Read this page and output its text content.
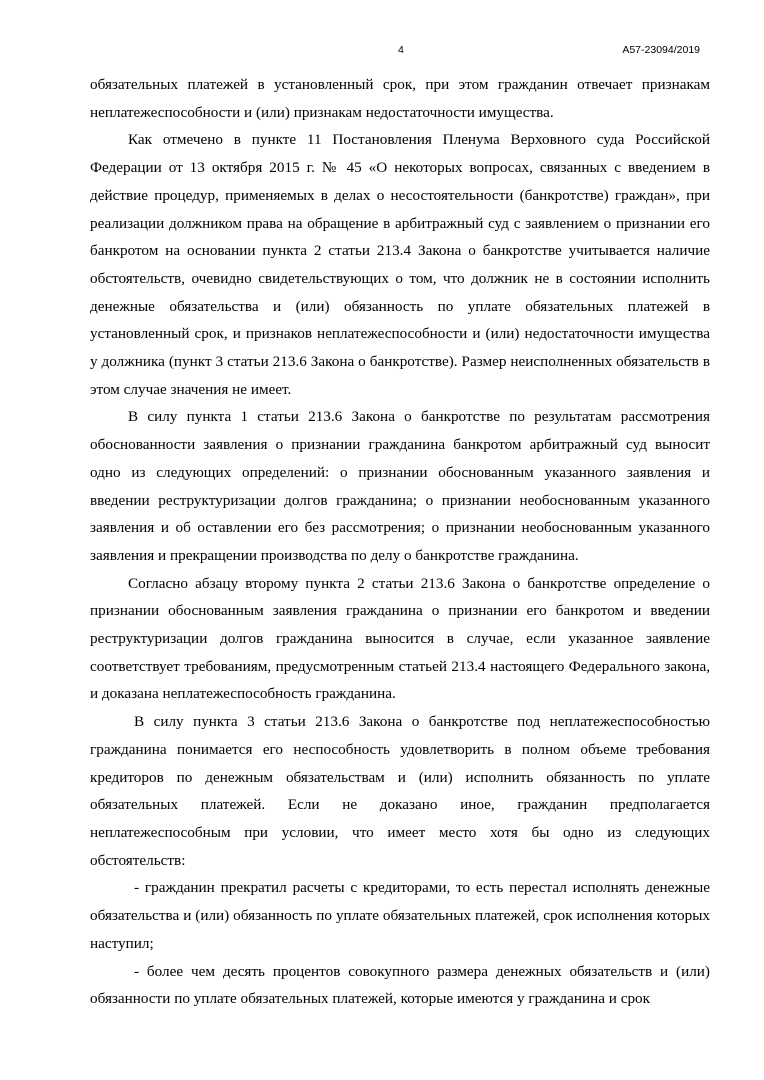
4	А57-23094/2019

обязательных платежей в установленный срок, при этом гражданин отвечает признакам неплатежеспособности и (или) признакам недостаточности имущества.

Как отмечено в пункте 11 Постановления Пленума Верховного суда Российской Федерации от 13 октября 2015 г. № 45 «О некоторых вопросах, связанных с введением в действие процедур, применяемых в делах о несостоятельности (банкротстве) граждан», при реализации должником права на обращение в арбитражный суд с заявлением о признании его банкротом на основании пункта 2 статьи 213.4 Закона о банкротстве учитывается наличие обстоятельств, очевидно свидетельствующих о том, что должник не в состоянии исполнить денежные обязательства и (или) обязанность по уплате обязательных платежей в установленный срок, и признаков неплатежеспособности и (или) недостаточности имущества у должника (пункт 3 статьи 213.6 Закона о банкротстве). Размер неисполненных обязательств в этом случае значения не имеет.

В силу пункта 1 статьи 213.6 Закона о банкротстве по результатам рассмотрения обоснованности заявления о признании гражданина банкротом арбитражный суд выносит одно из следующих определений: о признании обоснованным указанного заявления и введении реструктуризации долгов гражданина; о признании необоснованным указанного заявления и об оставлении его без рассмотрения; о признании необоснованным указанного заявления и прекращении производства по делу о банкротстве гражданина.

Согласно абзацу второму пункта 2 статьи 213.6 Закона о банкротстве определение о признании обоснованным заявления гражданина о признании его банкротом и введении реструктуризации долгов гражданина выносится в случае, если указанное заявление соответствует требованиям, предусмотренным статьей 213.4 настоящего Федерального закона, и доказана неплатежеспособность гражданина.

В силу пункта 3 статьи 213.6 Закона о банкротстве под неплатежеспособностью гражданина понимается его неспособность удовлетворить в полном объеме требования кредиторов по денежным обязательствам и (или) исполнить обязанность по уплате обязательных платежей. Если не доказано иное, гражданин предполагается неплатежеспособным при условии, что имеет место хотя бы одно из следующих обстоятельств:

- гражданин прекратил расчеты с кредиторами, то есть перестал исполнять денежные обязательства и (или) обязанность по уплате обязательных платежей, срок исполнения которых наступил;

- более чем десять процентов совокупного размера денежных обязательств и (или) обязанности по уплате обязательных платежей, которые имеются у гражданина и срок
